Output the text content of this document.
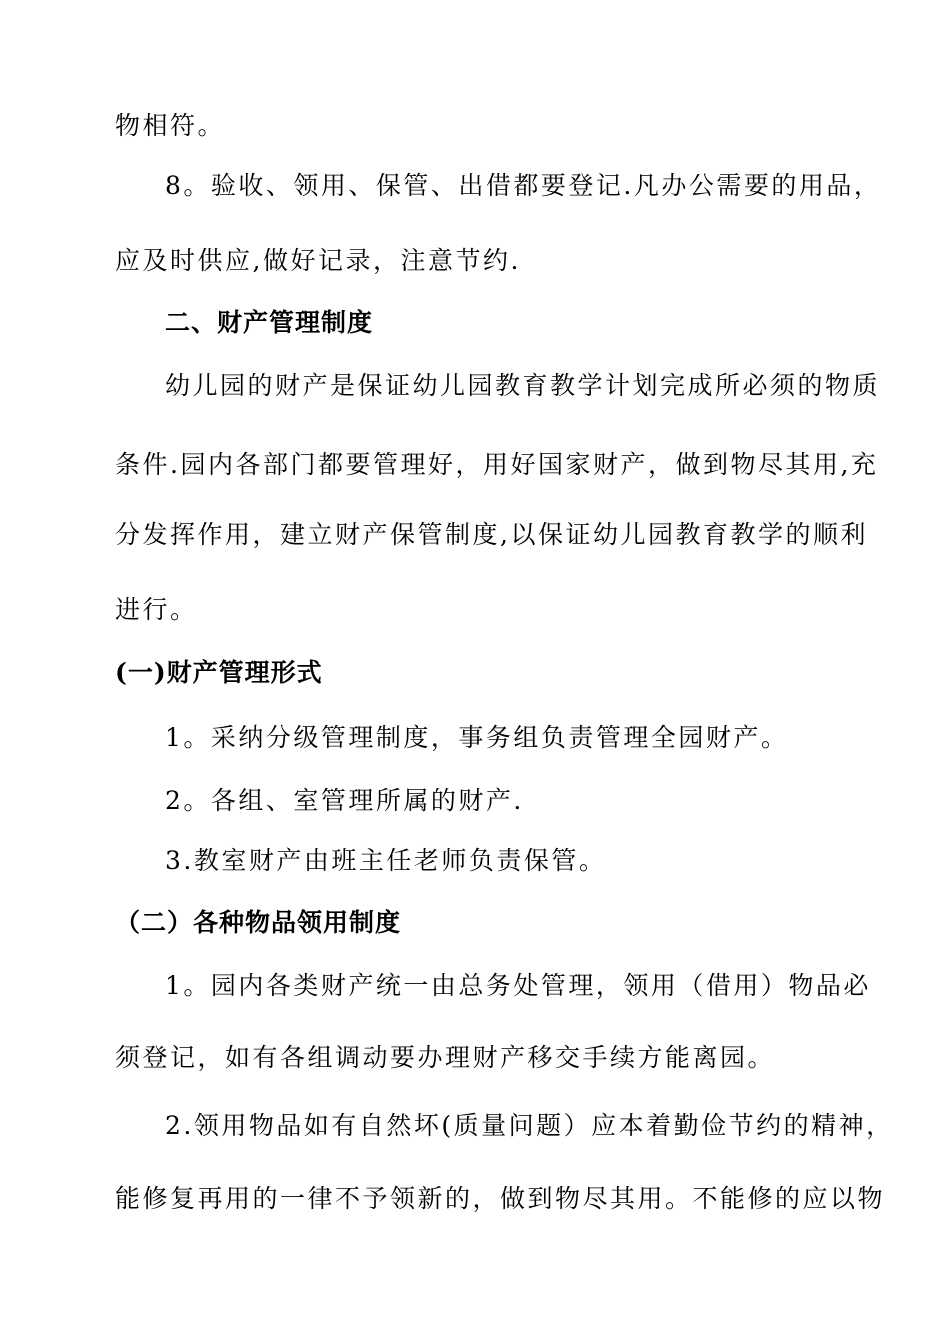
物相符。
8。验收、领用、保管、出借都要登记.凡办公需要的用品，
应及时供应,做好记录，注意节约.
二、财产管理制度
幼儿园的财产是保证幼儿园教育教学计划完成所必须的物质
条件.园内各部门都要管理好，用好国家财产，做到物尽其用,充
分发挥作用，建立财产保管制度,以保证幼儿园教育教学的顺利
进行。
(一)财产管理形式
1。采纳分级管理制度，事务组负责管理全园财产。
2。各组、室管理所属的财产.
3.教室财产由班主任老师负责保管。
（二）各种物品领用制度
1。园内各类财产统一由总务处管理，领用（借用）物品必
须登记，如有各组调动要办理财产移交手续方能离园。
2.领用物品如有自然坏(质量问题）应本着勤俭节约的精神，
能修复再用的一律不予领新的，做到物尽其用。不能修的应以物
